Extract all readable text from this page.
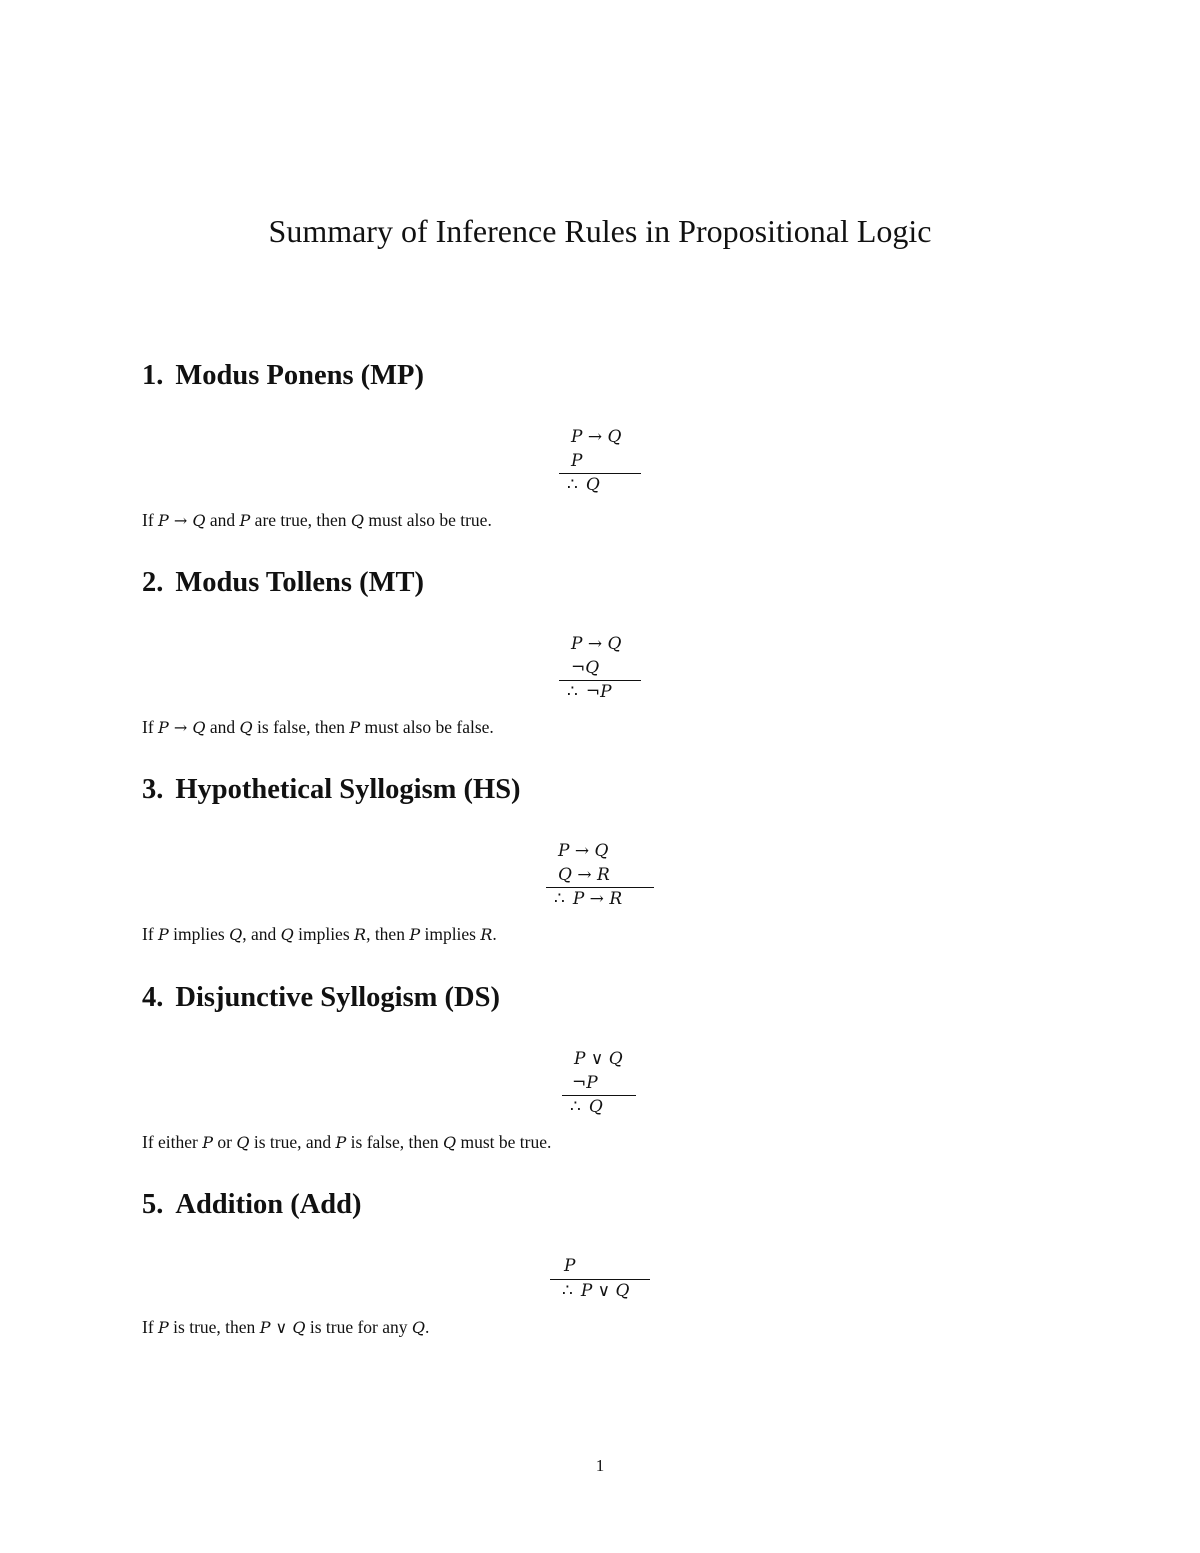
Summary of Inference Rules in Propositional Logic
1. Modus Ponens (MP)
P → Q
P
∴ Q

If P → Q and P are true, then Q must also be true.

2. Modus Tollens (MT)
P → Q
¬Q
∴ ¬P

If P → Q and Q is false, then P must also be false.

3. Hypothetical Syllogism (HS)
P → Q
Q → R
∴ P → R

If P implies Q, and Q implies R, then P implies R.

4. Disjunctive Syllogism (DS)
P ∨ Q
¬P
∴ Q

If either P or Q is true, and P is false, then Q must be true.

5. Addition (Add)
P
∴ P ∨ Q

If P is true, then P ∨ Q is true for any Q.

1
